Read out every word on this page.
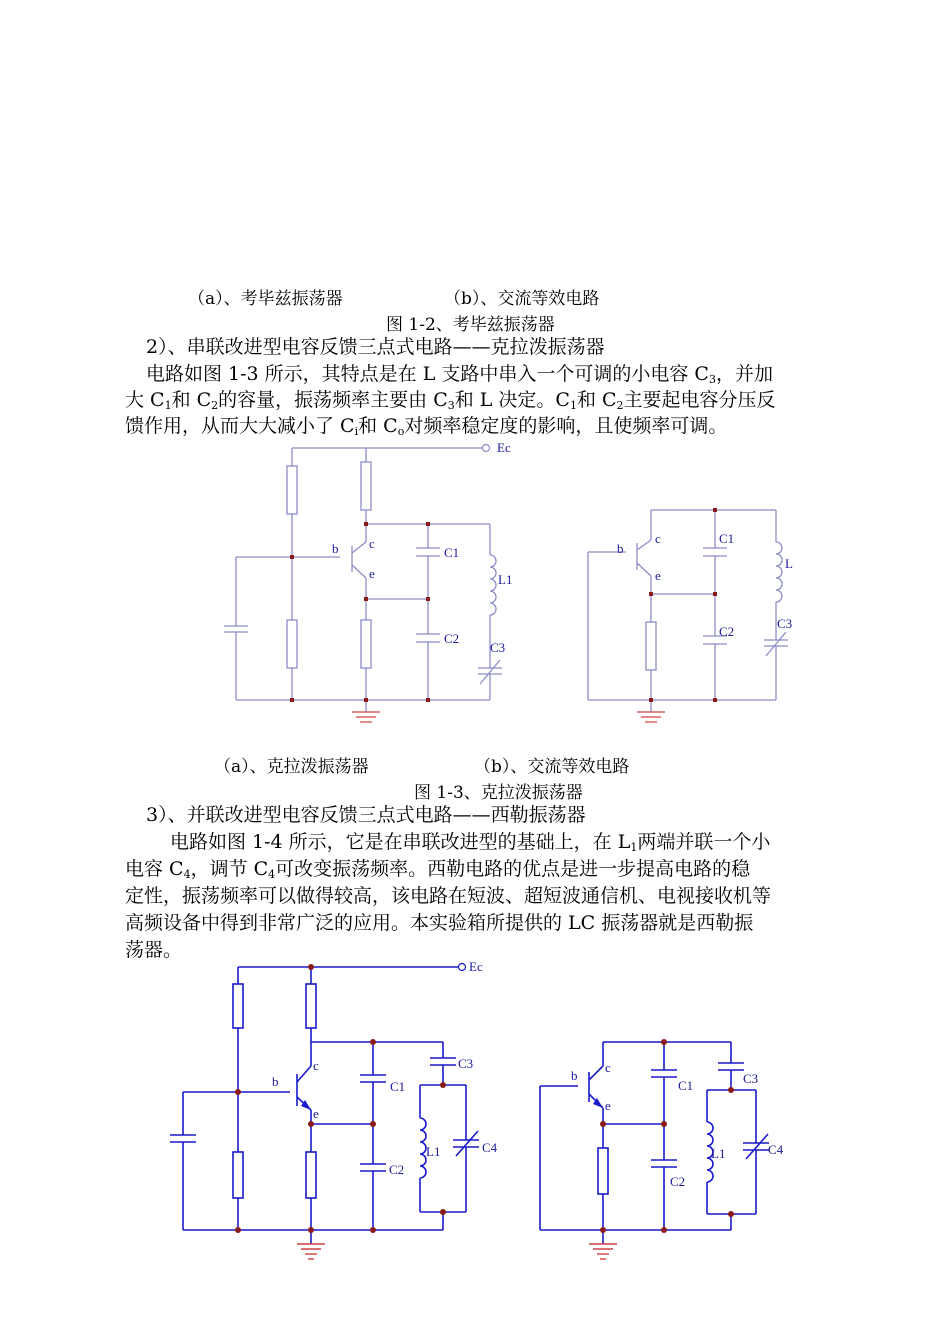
（a）、考毕兹振荡器	（b）、交流等效电路
图 1-2、考毕兹振荡器
2）、串联改进型电容反馈三点式电路——克拉泼振荡器
电路如图 1-3 所示，其特点是在 L 支路中串入一个可调的小电容 $C_3$，并加
大 $C_1$和 $C_2$的容量，振荡频率主要由 $C_3$和 L 决定。$C_1$和 $C_2$主要起电容分压反
馈作用，从而大大减小了 $C_i$和 $C_o$对频率稳定度的影响，且使频率可调。
Ec
b c
e
C1
C2
L1
C3
b
c
e
C1
C2
L
C3
（a）、克拉泼振荡器	（b）、交流等效电路
图 1-3、克拉泼振荡器
3）、并联改进型电容反馈三点式电路——西勒振荡器
电路如图 1-4 所示，它是在串联改进型的基础上，在 $L_1$两端并联一个小
电容 $C_4$，调节 $C_4$可改变振荡频率。西勒电路的优点是进一步提高电路的稳
定性，振荡频率可以做得较高，该电路在短波、超短波通信机、电视接收机等
高频设备中得到非常广泛的应用。本实验箱所提供的 LC 振荡器就是西勒振
荡器。
Ec
b
c
e
C1
C2
C3
L1	C4
b
c
e
C1
C2
C3
L1	C4
